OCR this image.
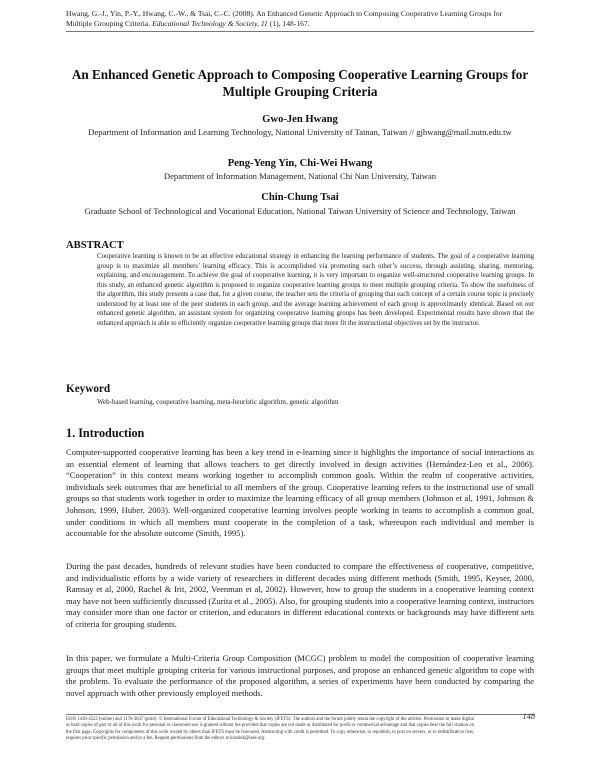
Hwang, G.-J., Yin, P.-Y., Hwang, C.-W., & Tsai, C.-C. (2008). An Enhanced Genetic Approach to Composing Cooperative Learning Groups for Multiple Grouping Criteria. Educational Technology & Society, 11 (1), 148-167.
An Enhanced Genetic Approach to Composing Cooperative Learning Groups for Multiple Grouping Criteria
Gwo-Jen Hwang
Department of Information and Learning Technology, National University of Tainan, Taiwan // gjhwang@mail.nutn.edu.tw
Peng-Yeng Yin, Chi-Wei Hwang
Department of Information Management, National Chi Nan University, Taiwan
Chin-Chung Tsai
Graduate School of Technological and Vocational Education, National Taiwan University of Science and Technology, Taiwan
ABSTRACT
Cooperative learning is known to be an effective educational strategy in enhancing the learning performance of students. The goal of a cooperative learning group is to maximize all members’ learning efficacy. This is accomplished via promoting each other’s success, through assisting, sharing, mentoring, explaining, and encouragement. To achieve the goal of cooperative learning, it is very important to organize well-structured cooperative learning groups. In this study, an enhanced genetic algorithm is proposed to organize cooperative learning groups to meet multiple grouping criteria. To show the usefulness of the algorithm, this study presents a case that, for a given course, the teacher sets the criteria of grouping that each concept of a certain course topic is precisely understood by at least one of the peer students in each group, and the average learning achievement of each group is approximately identical. Based on our enhanced genetic algorithm, an assistant system for organizing cooperative learning groups has been developed. Experimental results have shown that the enhanced approach is able to efficiently organize cooperative learning groups that more fit the instructional objectives set by the instructor.
Keyword
Web-based learning, cooperative learning, meta-heuristic algorithm, genetic algorithm
1. Introduction
Computer-supported cooperative learning has been a key trend in e-learning since it highlights the importance of social interactions as an essential element of learning that allows teachers to get directly involved in design activities (Hernández-Leo et al., 2006). “Cooperation” in this context means working together to accomplish common goals. Within the realm of cooperative activities, individuals seek outcomes that are beneficial to all members of the group. Cooperative learning refers to the instructional use of small groups so that students work together in order to maximize the learning efficacy of all group members (Johnson et al, 1991, Johnson & Johnson, 1999, Huber, 2003). Well-organized cooperative learning involves people working in teams to accomplish a common goal, under conditions in which all members must cooperate in the completion of a task, whereupon each individual and member is accountable for the absolute outcome (Smith, 1995).
During the past decades, hundreds of relevant studies have been conducted to compare the effectiveness of cooperative, competitive, and individualistic efforts by a wide variety of researchers in different decades using different methods (Smith, 1995, Keyser, 2000, Ramsay et al, 2000, Rachel & Irit, 2002, Veenman et al, 2002). However, how to group the students in a cooperative learning context may have not been sufficiently discussed (Zurita et al., 2005). Also, for grouping students into a cooperative learning context, instructors may consider more than one factor or criterion, and educators in different educational contexts or backgrounds may have different sets of criteria for grouping students.
In this paper, we formulate a Multi-Criteria Group Composition (MCGC) problem to model the composition of cooperative learning groups that meet multiple grouping criteria for various instructional purposes, and propose an enhanced genetic algorithm to cope with the problem. To evaluate the performance of the proposed algorithm, a series of experiments have been conducted by comparing the novel approach with other previously employed methods.
ISSN 1436-4522 (online) and 1176-3647 (print). © International Forum of Educational Technology & Society (IFETS). The authors and the forum jointly retain the copyright of the articles. Permission to make digital or hard copies of part or all of this work for personal or classroom use is granted without fee provided that copies are not made or distributed for profit or commercial advantage and that copies bear the full citation on the first page. Copyrights for components of this work owned by others than IFETS must be honoured. Abstracting with credit is permitted. To copy otherwise, to republish, to post on servers, or to redistribute to lists, requires prior specific permission and/or a fee. Request permissions from the editors at kinshuk@ieee.org.
148
